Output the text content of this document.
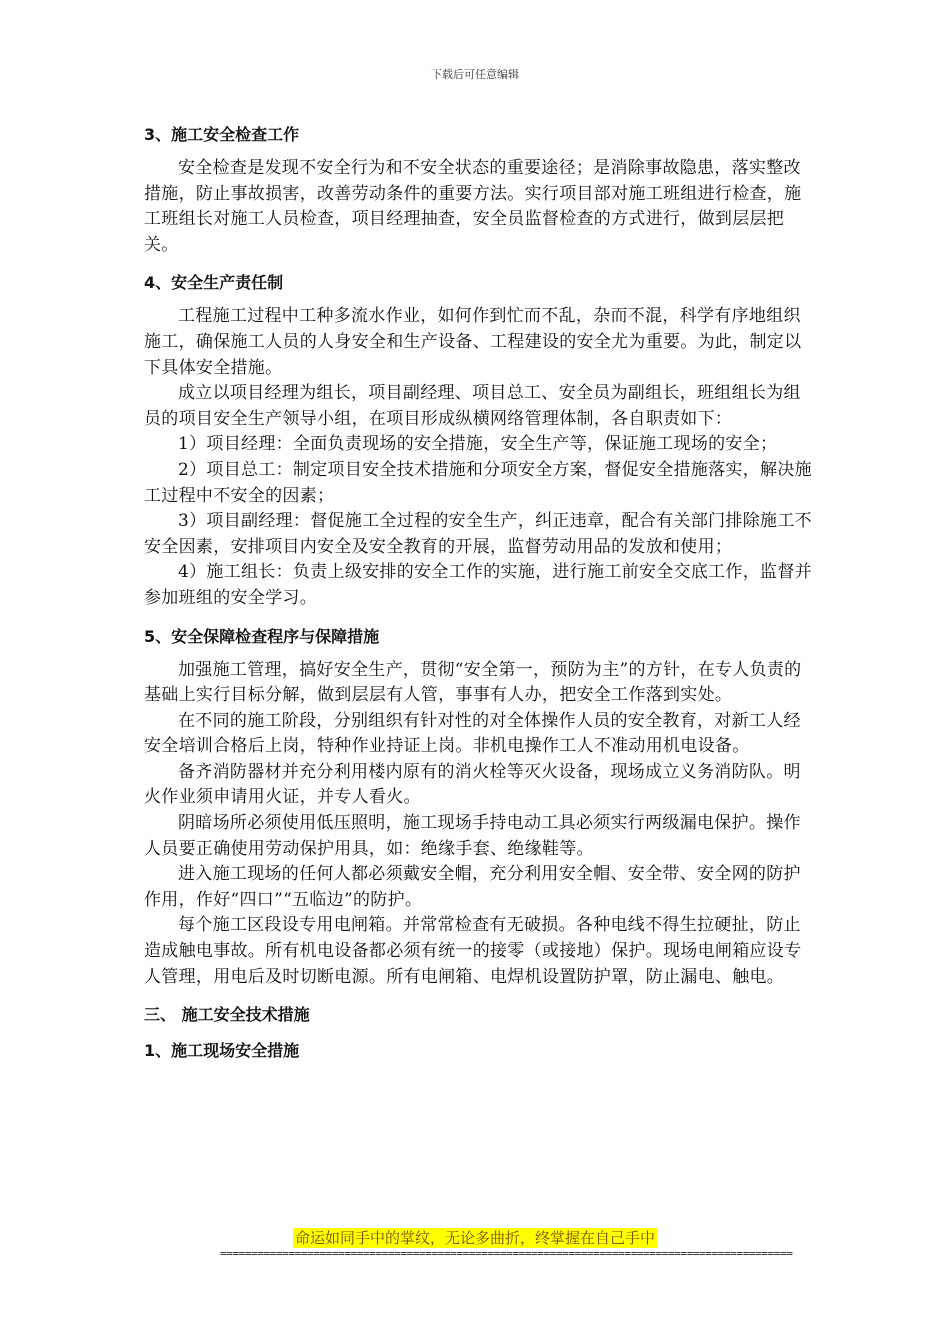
下载后可任意编辑
3、施工安全检查工作

安全检查是发现不安全行为和不安全状态的重要途径；是消除事故隐患，落实整改措施，防止事故损害，改善劳动条件的重要方法。实行项目部对施工班组进行检查，施工班组长对施工人员检查，项目经理抽查，安全员监督检查的方式进行，做到层层把关。

4、安全生产责任制

工程施工过程中工种多流水作业，如何作到忙而不乱，杂而不混，科学有序地组织施工，确保施工人员的人身安全和生产设备、工程建设的安全尤为重要。为此，制定以下具体安全措施。

成立以项目经理为组长，项目副经理、项目总工、安全员为副组长，班组组长为组员的项目安全生产领导小组，在项目形成纵横网络管理体制，各自职责如下：

1）项目经理：全面负责现场的安全措施，安全生产等，保证施工现场的安全；

2）项目总工：制定项目安全技术措施和分项安全方案，督促安全措施落实，解决施工过程中不安全的因素；

3）项目副经理：督促施工全过程的安全生产，纠正违章，配合有关部门排除施工不安全因素，安排项目内安全及安全教育的开展，监督劳动用品的发放和使用；

4）施工组长：负责上级安排的安全工作的实施，进行施工前安全交底工作，监督并参加班组的安全学习。

5、安全保障检查程序与保障措施

加强施工管理，搞好安全生产，贯彻“安全第一，预防为主”的方针，在专人负责的基础上实行目标分解，做到层层有人管，事事有人办，把安全工作落到实处。

在不同的施工阶段，分别组织有针对性的对全体操作人员的安全教育，对新工人经安全培训合格后上岗，特种作业持证上岗。非机电操作工人不准动用机电设备。

备齐消防器材并充分利用楼内原有的消火栓等灭火设备，现场成立义务消防队。明火作业须申请用火证，并专人看火。

阴暗场所必须使用低压照明，施工现场手持电动工具必须实行两级漏电保护。操作人员要正确使用劳动保护用具，如：绝缘手套、绝缘鞋等。

进入施工现场的任何人都必须戴安全帽，充分利用安全帽、安全带、安全网的防护作用，作好“四口”“五临边”的防护。

每个施工区段设专用电闸箱。并常常检查有无破损。各种电线不得生拉硬扯，防止造成触电事故。所有机电设备都必须有统一的接零（或接地）保护。现场电闸箱应设专人管理，用电后及时切断电源。所有电闸箱、电焊机设置防护罩，防止漏电、触电。

三、 施工安全技术措施
1、施工现场安全措施
命运如同手中的掌纹，无论多曲折，终掌握在自己手中
============================================================================================
